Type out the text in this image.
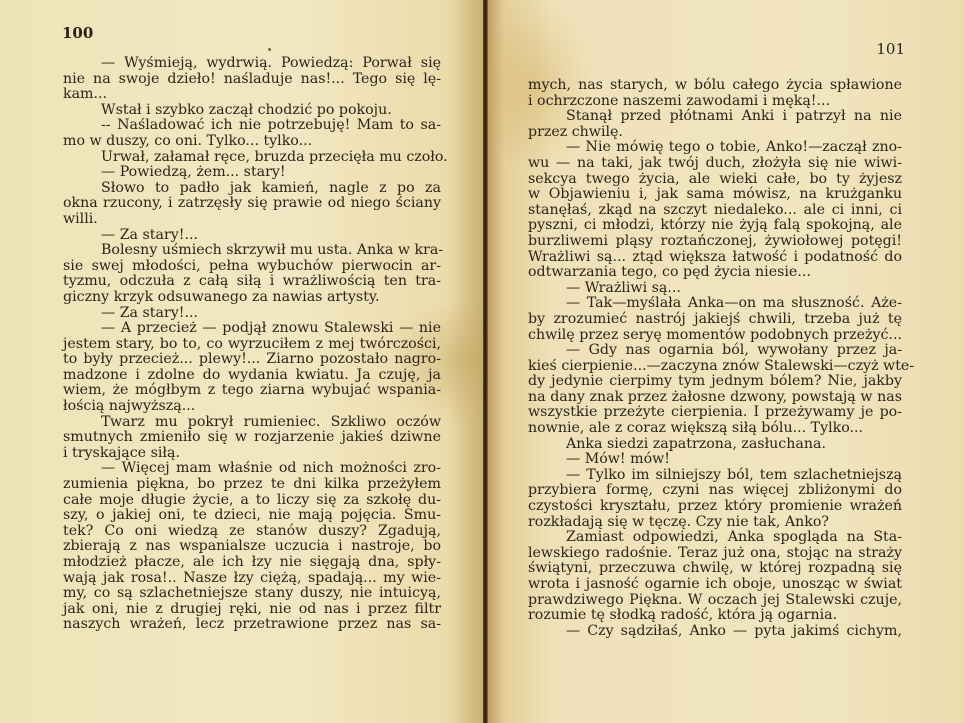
100
— Wyśmieją, wydrwią. Powiedzą: Porwał się
nie na swoje dzieło! naśladuje nas!... Tego się lę-
kam...
Wstał i szybko zaczął chodzić po pokoju.
-- Naśladować ich nie potrzebuję! Mam to sa-
mo w duszy, co oni. Tylko... tylko...
Urwał, załamał ręce, bruzda przecięła mu czoło.
— Powiedzą, żem... stary!
Słowo to padło jak kamień, nagle z po za
okna rzucony, i zatrzęsły się prawie od niego ściany
willi.
— Za stary!...
Bolesny uśmiech skrzywił mu usta. Anka w kra-
sie swej młodości, pełna wybuchów pierwocin ar-
tyzmu, odczuła z całą siłą i wrażliwością ten tra-
giczny krzyk odsuwanego za nawias artysty.
— Za stary!...
— A przecież — podjął znowu Stalewski — nie
jestem stary, bo to, co wyrzuciłem z mej twórczości,
to były przecież... plewy!... Ziarno pozostało nagro-
madzone i zdolne do wydania kwiatu. Ja czuję, ja
wiem, że mógłbym z tego ziarna wybujać wspania-
łością najwyższą...
Twarz mu pokrył rumieniec. Szkliwo oczów
smutnych zmieniło się w rozjarzenie jakieś dziwne
i tryskające siłą.
— Więcej mam właśnie od nich możności zro-
zumienia piękna, bo przez te dni kilka przeżyłem
całe moje długie życie, a to liczy się za szkołę du-
szy, o jakiej oni, te dzieci, nie mają pojęcia. Smu-
tek? Co oni wiedzą ze stanów duszy? Zgadują,
zbierają z nas wspanialsze uczucia i nastroje, bo
młodzież płacze, ale ich łzy nie sięgają dna, spły-
wają jak rosa!.. Nasze łzy ciężą, spadają... my wie-
my, co są szlachetniejsze stany duszy, nie intuicyą,
jak oni, nie z drugiej ręki, nie od nas i przez filtr
naszych wrażeń, lecz przetrawione przez nas sa-
101
mych, nas starych, w bólu całego życia spławione
i ochrzczone naszemi zawodami i męką!...
Stanął przed płótnami Anki i patrzył na nie
przez chwilę.
— Nie mówię tego o tobie, Anko!—zaczął zno-
wu — na taki, jak twój duch, złożyła się nie wiwi-
sekcya twego życia, ale wieki całe, bo ty żyjesz
w Objawieniu i, jak sama mówisz, na krużganku
stanęłaś, zkąd na szczyt niedaleko... ale ci inni, ci
pyszni, ci młodzi, którzy nie żyją falą spokojną, ale
burzliwemi pląsy roztańczonej, żywiołowej potęgi!
Wrażliwi są... ztąd większa łatwość i podatność do
odtwarzania tego, co pęd życia niesie...
— Wrażliwi są...
— Tak—myślała Anka—on ma słuszność. Aże-
by zrozumieć nastrój jakiejś chwili, trzeba już tę
chwilę przez seryę momentów podobnych przeżyć...
— Gdy nas ogarnia ból, wywołany przez ja-
kieś cierpienie...—zaczyna znów Stalewski—czyż wte-
dy jedynie cierpimy tym jednym bólem? Nie, jakby
na dany znak przez żałosne dzwony, powstają w nas
wszystkie przeżyte cierpienia. I przeżywamy je po-
nownie, ale z coraz większą siłą bólu... Tylko...
Anka siedzi zapatrzona, zasłuchana.
— Mów! mów!
— Tylko im silniejszy ból, tem szlachetniejszą
przybiera formę, czyni nas więcej zbliżonymi do
czystości kryształu, przez który promienie wrażeń
rozkładają się w tęczę. Czy nie tak, Anko?
Zamiast odpowiedzi, Anka spogląda na Sta-
lewskiego radośnie. Teraz już ona, stojąc na straży
świątyni, przeczuwa chwilę, w której rozpadną się
wrota i jasność ogarnie ich oboje, unosząc w świat
prawdziwego Piękna. W oczach jej Stalewski czuje,
rozumie tę słodką radość, która ją ogarnia.
— Czy sądziłaś, Anko — pyta jakimś cichym,
